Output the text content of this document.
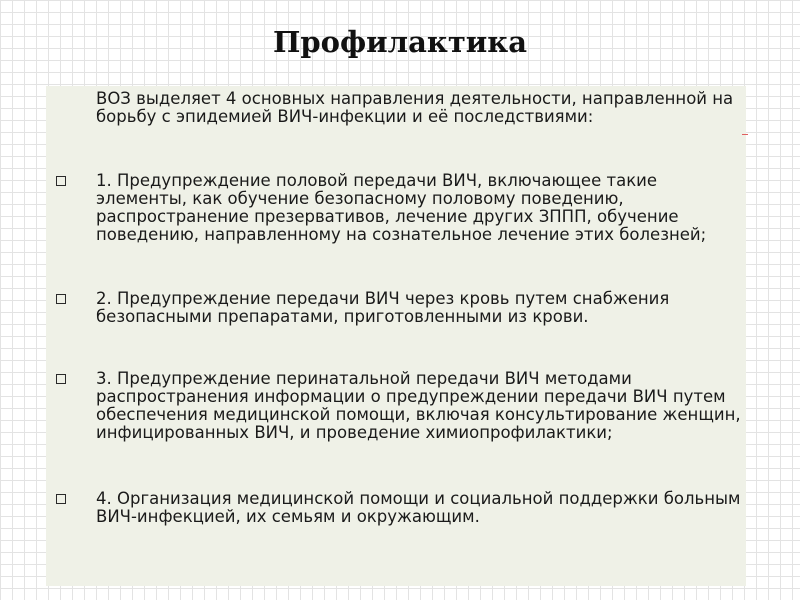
Профилактика

ВОЗ выделяет 4 основных направления деятельности, направленной на борьбу с эпидемией ВИЧ-инфекции и её последствиями:

1. Предупреждение половой передачи ВИЧ, включающее такие элементы, как обучение безопасному половому поведению, распространение презервативов, лечение других ЗППП, обучение поведению, направленному на сознательное лечение этих болезней;
2. Предупреждение передачи ВИЧ через кровь путем снабжения безопасными препаратами, приготовленными из крови.
3. Предупреждение перинатальной передачи ВИЧ методами распространения информации о предупреждении передачи ВИЧ путем обеспечения медицинской помощи, включая консультирование женщин, инфицированных ВИЧ, и проведение химиопрофилактики;
4. Организация медицинской помощи и социальной поддержки больным ВИЧ-инфекцией, их семьям и окружающим.
